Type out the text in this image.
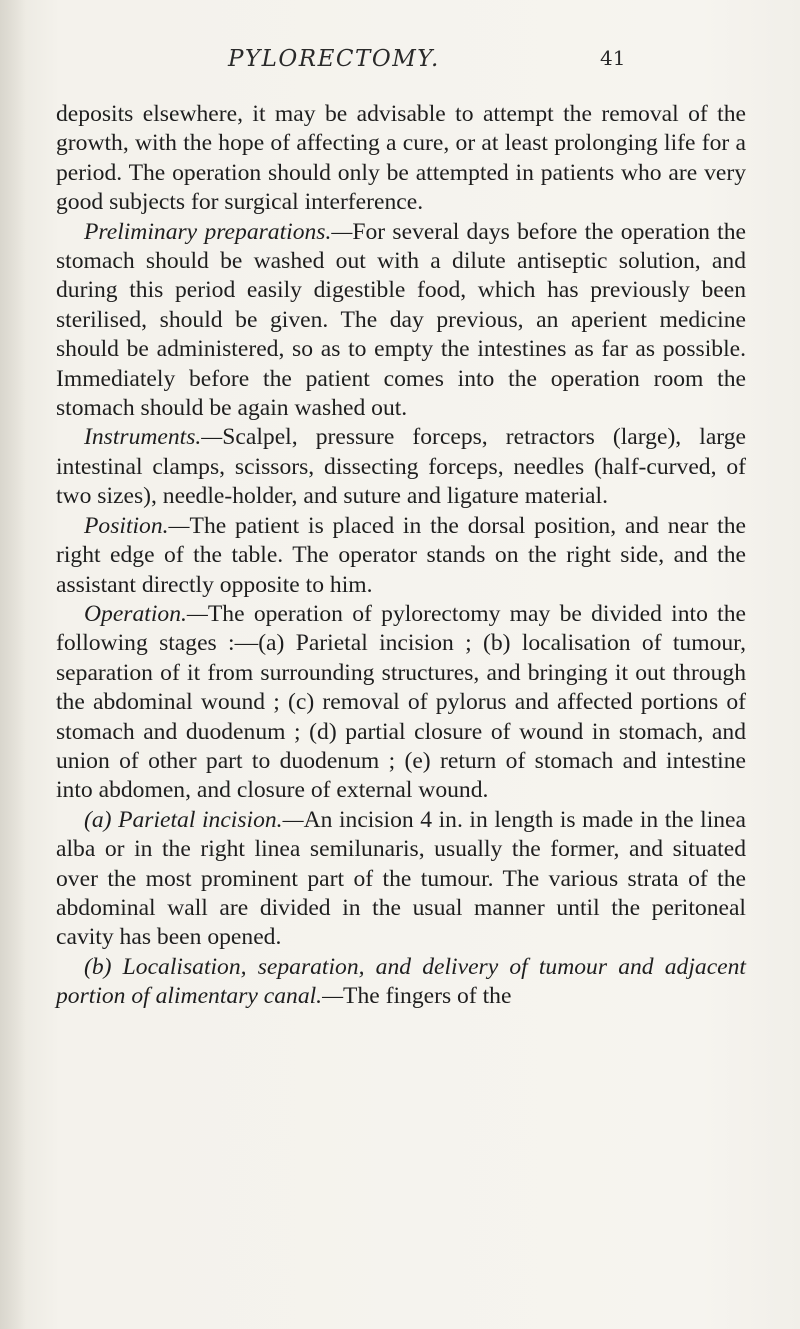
PYLORECTOMY.	41

deposits elsewhere, it may be advisable to attempt the removal of the growth, with the hope of affecting a cure, or at least prolonging life for a period. The operation should only be attempted in patients who are very good subjects for surgical interference.

Preliminary preparations.—For several days before the operation the stomach should be washed out with a dilute antiseptic solution, and during this period easily digestible food, which has previously been sterilised, should be given. The day previous, an aperient medicine should be administered, so as to empty the intestines as far as possible. Immediately before the patient comes into the operation room the stomach should be again washed out.

Instruments.—Scalpel, pressure forceps, retractors (large), large intestinal clamps, scissors, dissecting forceps, needles (half-curved, of two sizes), needle-holder, and suture and ligature material.

Position.—The patient is placed in the dorsal position, and near the right edge of the table. The operator stands on the right side, and the assistant directly opposite to him.

Operation.—The operation of pylorectomy may be divided into the following stages :—(a) Parietal incision ; (b) localisation of tumour, separation of it from surrounding structures, and bringing it out through the abdominal wound ; (c) removal of pylorus and affected portions of stomach and duodenum ; (d) partial closure of wound in stomach, and union of other part to duodenum ; (e) return of stomach and intestine into abdomen, and closure of external wound.

(a) Parietal incision.—An incision 4 in. in length is made in the linea alba or in the right linea semilunaris, usually the former, and situated over the most prominent part of the tumour. The various strata of the abdominal wall are divided in the usual manner until the peritoneal cavity has been opened.

(b) Localisation, separation, and delivery of tumour and adjacent portion of alimentary canal.—The fingers of the
